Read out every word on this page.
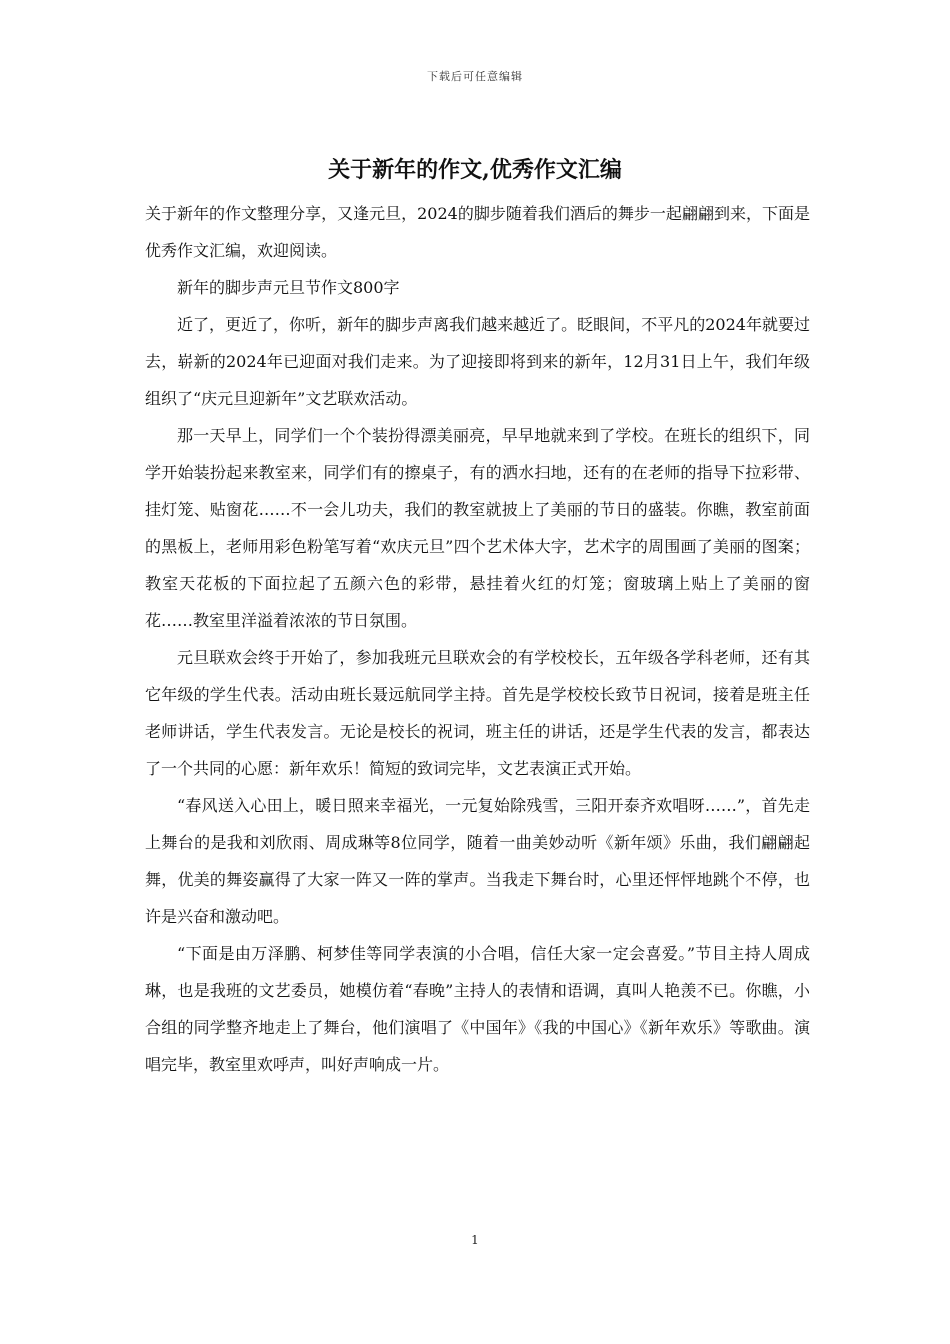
下载后可任意编辑
关于新年的作文,优秀作文汇编

关于新年的作文整理分享，又逢元旦，2024的脚步随着我们酒后的舞步一起翩翩到来，下面是优秀作文汇编，欢迎阅读。

新年的脚步声元旦节作文800字

近了，更近了，你听，新年的脚步声离我们越来越近了。眨眼间，不平凡的2024年就要过去，崭新的2024年已迎面对我们走来。为了迎接即将到来的新年，12月31日上午，我们年级组织了“庆元旦迎新年”文艺联欢活动。

那一天早上，同学们一个个装扮得漂美丽亮，早早地就来到了学校。在班长的组织下，同学开始装扮起来教室来，同学们有的擦桌子，有的洒水扫地，还有的在老师的指导下拉彩带、挂灯笼、贴窗花……不一会儿功夫，我们的教室就披上了美丽的节日的盛装。你瞧，教室前面的黑板上，老师用彩色粉笔写着“欢庆元旦”四个艺术体大字，艺术字的周围画了美丽的图案；教室天花板的下面拉起了五颜六色的彩带，悬挂着火红的灯笼；窗玻璃上贴上了美丽的窗花……教室里洋溢着浓浓的节日氛围。

元旦联欢会终于开始了，参加我班元旦联欢会的有学校校长，五年级各学科老师，还有其它年级的学生代表。活动由班长聂远航同学主持。首先是学校校长致节日祝词，接着是班主任老师讲话，学生代表发言。无论是校长的祝词，班主任的讲话，还是学生代表的发言，都表达了一个共同的心愿：新年欢乐！简短的致词完毕，文艺表演正式开始。

“春风送入心田上，暖日照来幸福光，一元复始除残雪，三阳开泰齐欢唱呀……”，首先走上舞台的是我和刘欣雨、周成琳等8位同学，随着一曲美妙动听《新年颂》乐曲，我们翩翩起舞，优美的舞姿赢得了大家一阵又一阵的掌声。当我走下舞台时，心里还怦怦地跳个不停，也许是兴奋和激动吧。

“下面是由万泽鹏、柯梦佳等同学表演的小合唱，信任大家一定会喜爱。”节目主持人周成琳，也是我班的文艺委员，她模仿着“春晚”主持人的表情和语调，真叫人艳羡不已。你瞧，小合组的同学整齐地走上了舞台，他们演唱了《中国年》《我的中国心》《新年欢乐》等歌曲。演唱完毕，教室里欢呼声，叫好声响成一片。

1
